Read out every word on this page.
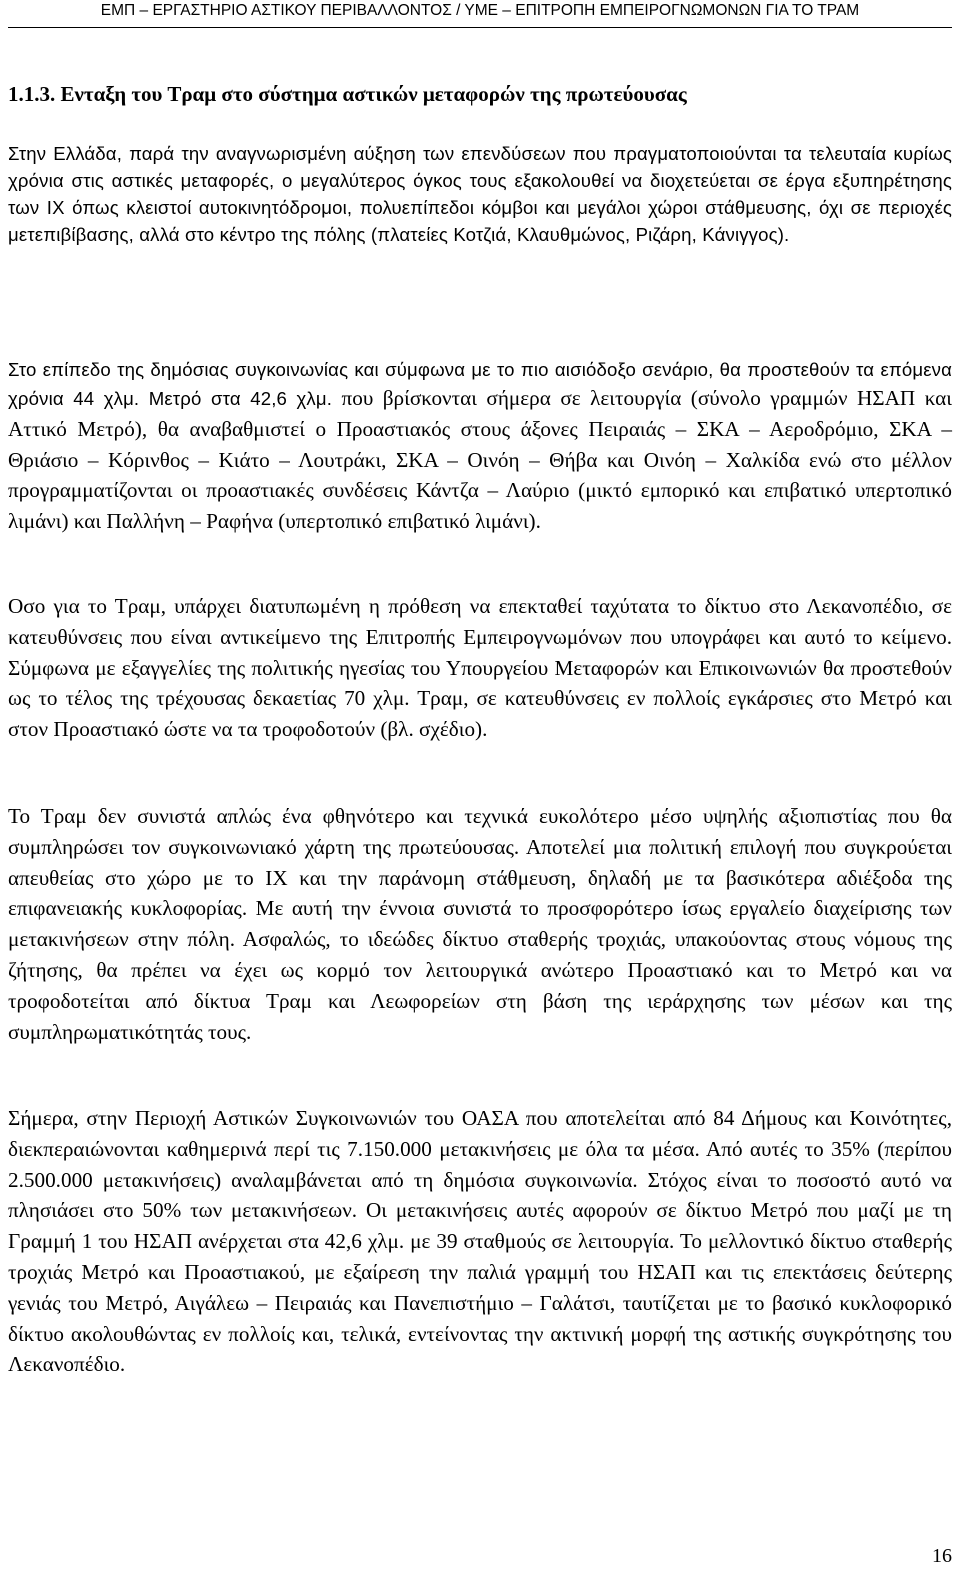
ΕΜΠ – ΕΡΓΑΣΤΗΡΙΟ ΑΣΤΙΚΟΥ ΠΕΡΙΒΑΛΛΟΝΤΟΣ / ΥΜΕ – ΕΠΙΤΡΟΠΗ ΕΜΠΕΙΡΟΓΝΩΜΟΝΩΝ ΓΙΑ ΤΟ ΤΡΑΜ
1.1.3. Ενταξη του Τραμ στο σύστημα αστικών μεταφορών της πρωτεύουσας

Στην Ελλάδα, παρά την αναγνωρισμένη αύξηση των επενδύσεων που πραγματοποιούνται τα τελευταία κυρίως χρόνια στις αστικές μεταφορές, ο μεγαλύτερος όγκος τους εξακολουθεί να διοχετεύεται σε έργα εξυπηρέτησης των ΙΧ όπως κλειστοί αυτοκινητόδρομοι, πολυεπίπεδοι κόμβοι και μεγάλοι χώροι στάθμευσης, όχι σε περιοχές μετεπιβίβασης, αλλά στο κέντρο της πόλης (πλατείες Κοτζιά, Κλαυθμώνος, Ριζάρη, Κάνιγγος).

Στο επίπεδο της δημόσιας συγκοινωνίας και σύμφωνα με το πιο αισιόδοξο σενάριο, θα προστεθούν τα επόμενα χρόνια 44 χλμ. Μετρό στα 42,6 χλμ. που βρίσκονται σήμερα σε λειτουργία (σύνολο γραμμών ΗΣΑΠ και Αττικό Μετρό), θα αναβαθμιστεί ο Προαστιακός στους άξονες Πειραιάς – ΣΚΑ – Αεροδρόμιο, ΣΚΑ – Θριάσιο – Κόρινθος – Κιάτο – Λουτράκι, ΣΚΑ – Οινόη – Θήβα και Οινόη – Χαλκίδα ενώ στο μέλλον προγραμματίζονται οι προαστιακές συνδέσεις Κάντζα – Λαύριο (μικτό εμπορικό και επιβατικό υπερτοπικό λιμάνι) και Παλλήνη – Ραφήνα (υπερτοπικό επιβατικό λιμάνι).

Οσο για το Τραμ, υπάρχει διατυπωμένη η πρόθεση να επεκταθεί ταχύτατα το δίκτυο στο Λεκανοπέδιο, σε κατευθύνσεις που είναι αντικείμενο της Επιτροπής Εμπειρογνωμόνων που υπογράφει και αυτό το κείμενο. Σύμφωνα με εξαγγελίες της πολιτικής ηγεσίας του Υπουργείου Μεταφορών και Επικοινωνιών θα προστεθούν ως το τέλος της τρέχουσας δεκαετίας 70 χλμ. Τραμ, σε κατευθύνσεις εν πολλοίς εγκάρσιες στο Μετρό και στον Προαστιακό ώστε να τα τροφοδοτούν (βλ. σχέδιο).

Το Τραμ δεν συνιστά απλώς ένα φθηνότερο και τεχνικά ευκολότερο μέσο υψηλής αξιοπιστίας που θα συμπληρώσει τον συγκοινωνιακό χάρτη της πρωτεύουσας. Αποτελεί μια πολιτική επιλογή που συγκρούεται απευθείας στο χώρο με το ΙΧ και την παράνομη στάθμευση, δηλαδή με τα βασικότερα αδιέξοδα της επιφανειακής κυκλοφορίας. Με αυτή την έννοια συνιστά το προσφορότερο ίσως εργαλείο διαχείρισης των μετακινήσεων στην πόλη. Ασφαλώς, το ιδεώδες δίκτυο σταθερής τροχιάς, υπακούοντας στους νόμους της ζήτησης, θα πρέπει να έχει ως κορμό τον λειτουργικά ανώτερο Προαστιακό και το Μετρό και να τροφοδοτείται από δίκτυα Τραμ και Λεωφορείων στη βάση της ιεράρχησης των μέσων και της συμπληρωματικότητάς τους.

Σήμερα, στην Περιοχή Αστικών Συγκοινωνιών του ΟΑΣΑ που αποτελείται από 84 Δήμους και Κοινότητες, διεκπεραιώνονται καθημερινά περί τις 7.150.000 μετακινήσεις με όλα τα μέσα. Από αυτές το 35% (περίπου 2.500.000 μετακινήσεις) αναλαμβάνεται από τη δημόσια συγκοινωνία. Στόχος είναι το ποσοστό αυτό να πλησιάσει στο 50% των μετακινήσεων. Οι μετακινήσεις αυτές αφορούν σε δίκτυο Μετρό που μαζί με τη Γραμμή 1 του ΗΣΑΠ ανέρχεται στα 42,6 χλμ. με 39 σταθμούς σε λειτουργία. Το μελλοντικό δίκτυο σταθερής τροχιάς Μετρό και Προαστιακού, με εξαίρεση την παλιά γραμμή του ΗΣΑΠ και τις επεκτάσεις δεύτερης γενιάς του Μετρό, Αιγάλεω – Πειραιάς και Πανεπιστήμιο – Γαλάτσι, ταυτίζεται με το βασικό κυκλοφορικό δίκτυο ακολουθώντας εν πολλοίς και, τελικά, εντείνοντας την ακτινική μορφή της αστικής συγκρότησης του Λεκανοπέδιο.

16
